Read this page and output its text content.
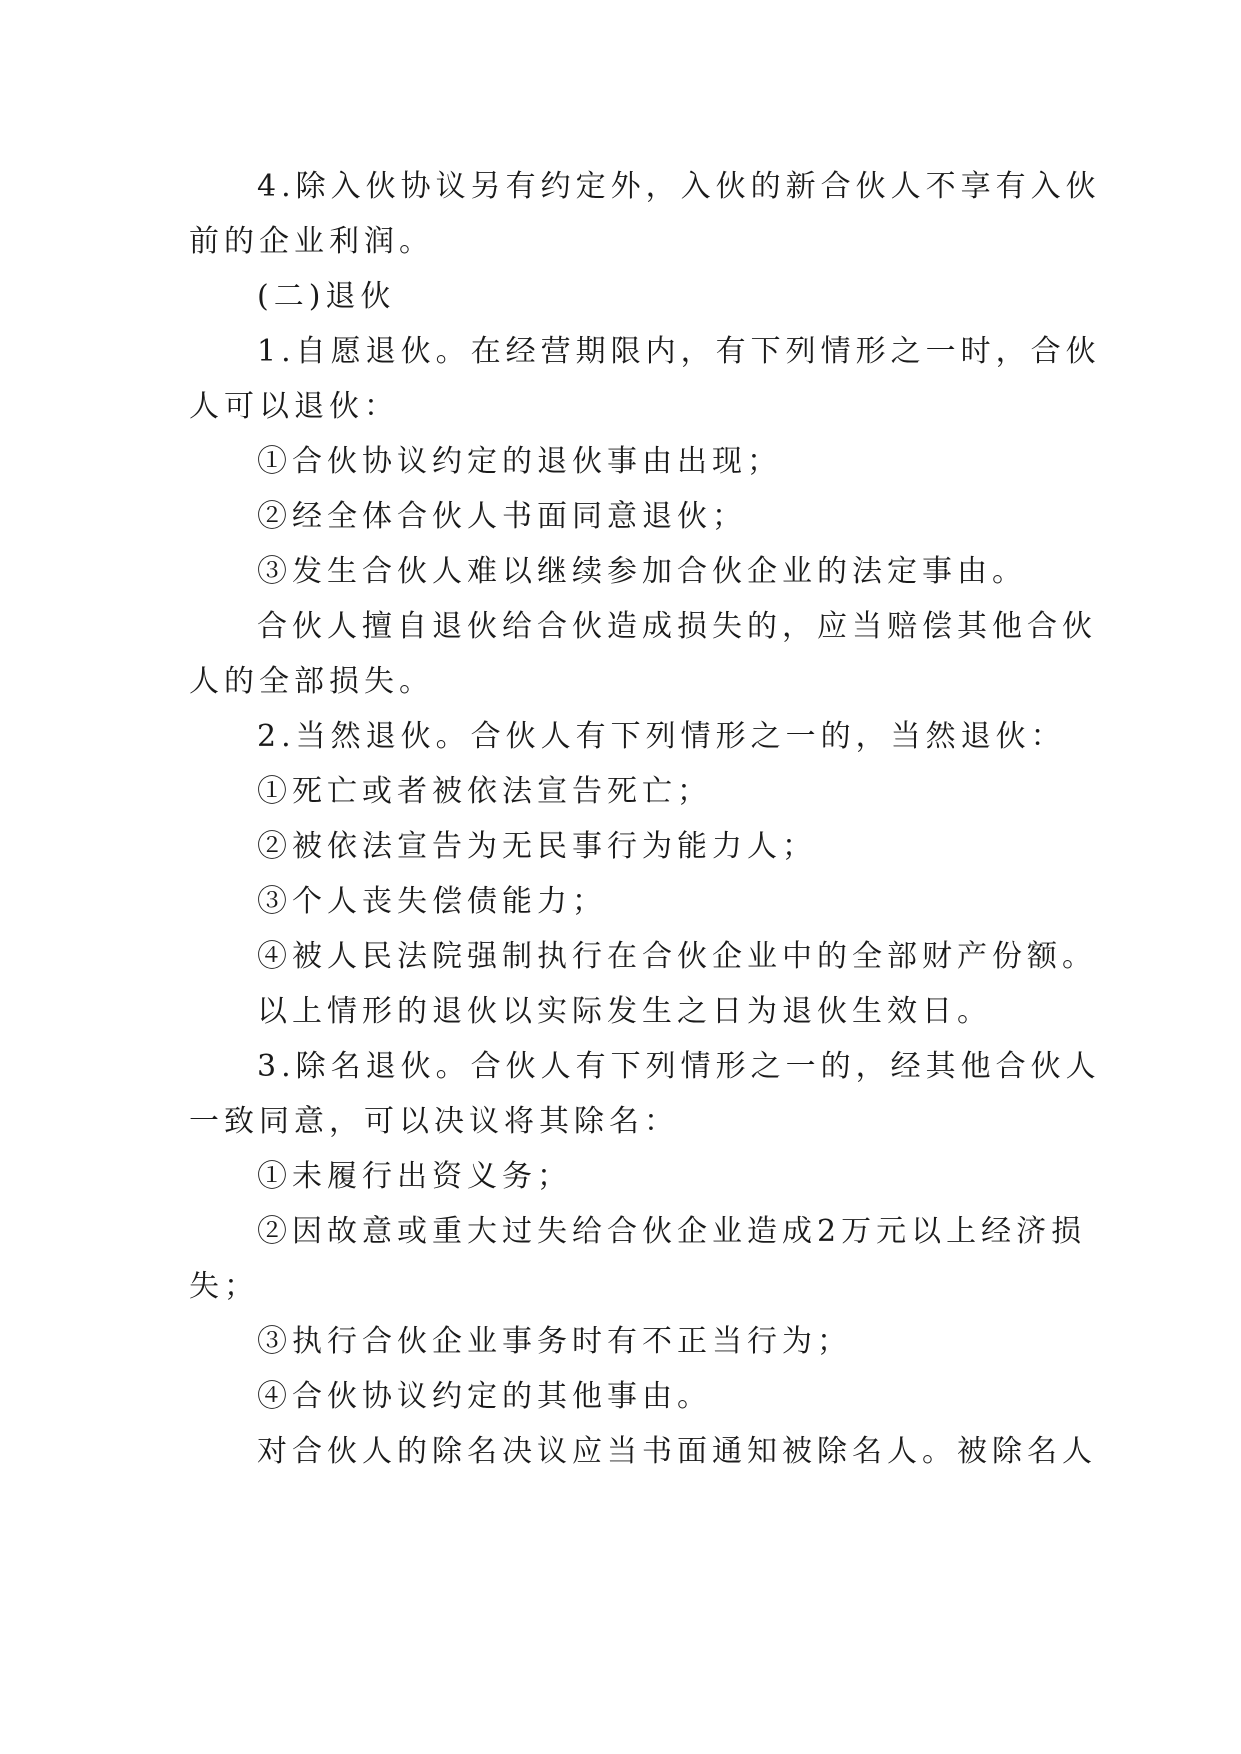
4.除入伙协议另有约定外，入伙的新合伙人不享有入伙
前的企业利润。
(二)退伙
1.自愿退伙。在经营期限内，有下列情形之一时，合伙
人可以退伙：
①合伙协议约定的退伙事由出现；
②经全体合伙人书面同意退伙；
③发生合伙人难以继续参加合伙企业的法定事由。
合伙人擅自退伙给合伙造成损失的，应当赔偿其他合伙
人的全部损失。
2.当然退伙。合伙人有下列情形之一的，当然退伙：
①死亡或者被依法宣告死亡；
②被依法宣告为无民事行为能力人；
③个人丧失偿债能力；
④被人民法院强制执行在合伙企业中的全部财产份额。
以上情形的退伙以实际发生之日为退伙生效日。
3.除名退伙。合伙人有下列情形之一的，经其他合伙人
一致同意，可以决议将其除名：
①未履行出资义务；
②因故意或重大过失给合伙企业造成2万元以上经济损
失；
③执行合伙企业事务时有不正当行为；
④合伙协议约定的其他事由。
对合伙人的除名决议应当书面通知被除名人。被除名人
